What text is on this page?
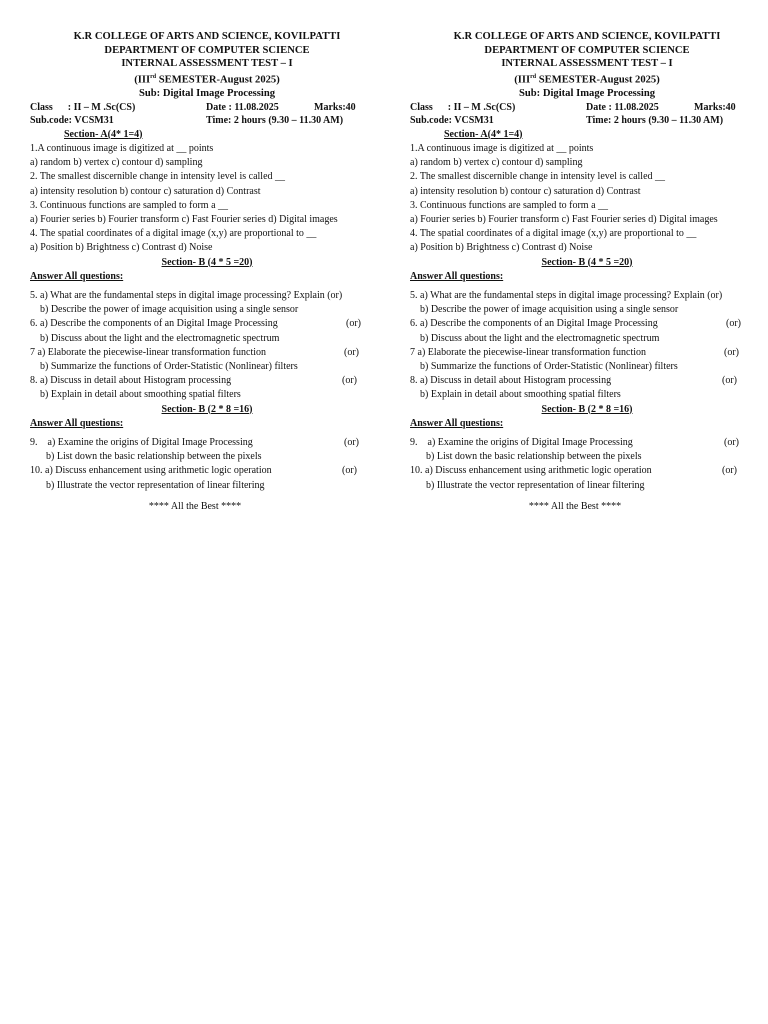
K.R COLLEGE OF ARTS AND SCIENCE, KOVILPATTI
DEPARTMENT OF COMPUTER SCIENCE
INTERNAL ASSESSMENT TEST – I
(IIIrd SEMESTER-August 2025)
Sub: Digital Image Processing
Class      : II – M .Sc(CS)	Date : 11.08.2025	Marks:40
Sub.code: VCSM31	Time: 2 hours (9.30 – 11.30 AM)
Section- A(4* 1=4)
1.A continuous image is digitized at __ points
a) random b) vertex c) contour d) sampling
2. The smallest discernible change in intensity level is called __
a) intensity resolution b) contour c) saturation d) Contrast
3. Continuous functions are sampled to form a __
a) Fourier series b) Fourier transform c) Fast Fourier series d) Digital images
4. The spatial coordinates of a digital image (x,y) are proportional to __
a) Position b) Brightness c) Contrast d) Noise
Section- B (4 * 5 =20)
Answer All questions:
5. a) What are the fundamental steps in digital image processing? Explain (or)
b) Describe the power of image acquisition using a single sensor
6. a) Describe the components of an Digital Image Processing	(or)
b) Discuss about the light and the electromagnetic spectrum
7 a) Elaborate the piecewise-linear transformation function	(or)
b) Summarize the functions of Order-Statistic (Nonlinear) filters
8. a) Discuss in detail about Histogram processing	(or)
b) Explain in detail about smoothing spatial filters
Section- B (2 * 8 =16)
Answer All questions:
9.    a) Examine the origins of Digital Image Processing	(or)
b) List down the basic relationship between the pixels
10. a) Discuss enhancement using arithmetic logic operation	(or)
b) Illustrate the vector representation of linear filtering
**** All the Best ****
K.R COLLEGE OF ARTS AND SCIENCE, KOVILPATTI
DEPARTMENT OF COMPUTER SCIENCE
INTERNAL ASSESSMENT TEST – I
(IIIrd SEMESTER-August 2025)
Sub: Digital Image Processing
Class      : II – M .Sc(CS)	Date : 11.08.2025	Marks:40
Sub.code: VCSM31	Time: 2 hours (9.30 – 11.30 AM)
Section- A(4* 1=4)
1.A continuous image is digitized at __ points
a) random b) vertex c) contour d) sampling
2. The smallest discernible change in intensity level is called __
a) intensity resolution b) contour c) saturation d) Contrast
3. Continuous functions are sampled to form a __
a) Fourier series b) Fourier transform c) Fast Fourier series d) Digital images
4. The spatial coordinates of a digital image (x,y) are proportional to __
a) Position b) Brightness c) Contrast d) Noise
Section- B (4 * 5 =20)
Answer All questions:
5. a) What are the fundamental steps in digital image processing? Explain (or)
b) Describe the power of image acquisition using a single sensor
6. a) Describe the components of an Digital Image Processing	(or)
b) Discuss about the light and the electromagnetic spectrum
7 a) Elaborate the piecewise-linear transformation function	(or)
b) Summarize the functions of Order-Statistic (Nonlinear) filters
8. a) Discuss in detail about Histogram processing	(or)
b) Explain in detail about smoothing spatial filters
Section- B (2 * 8 =16)
Answer All questions:
9.    a) Examine the origins of Digital Image Processing	(or)
b) List down the basic relationship between the pixels
10. a) Discuss enhancement using arithmetic logic operation	(or)
b) Illustrate the vector representation of linear filtering
**** All the Best ****
